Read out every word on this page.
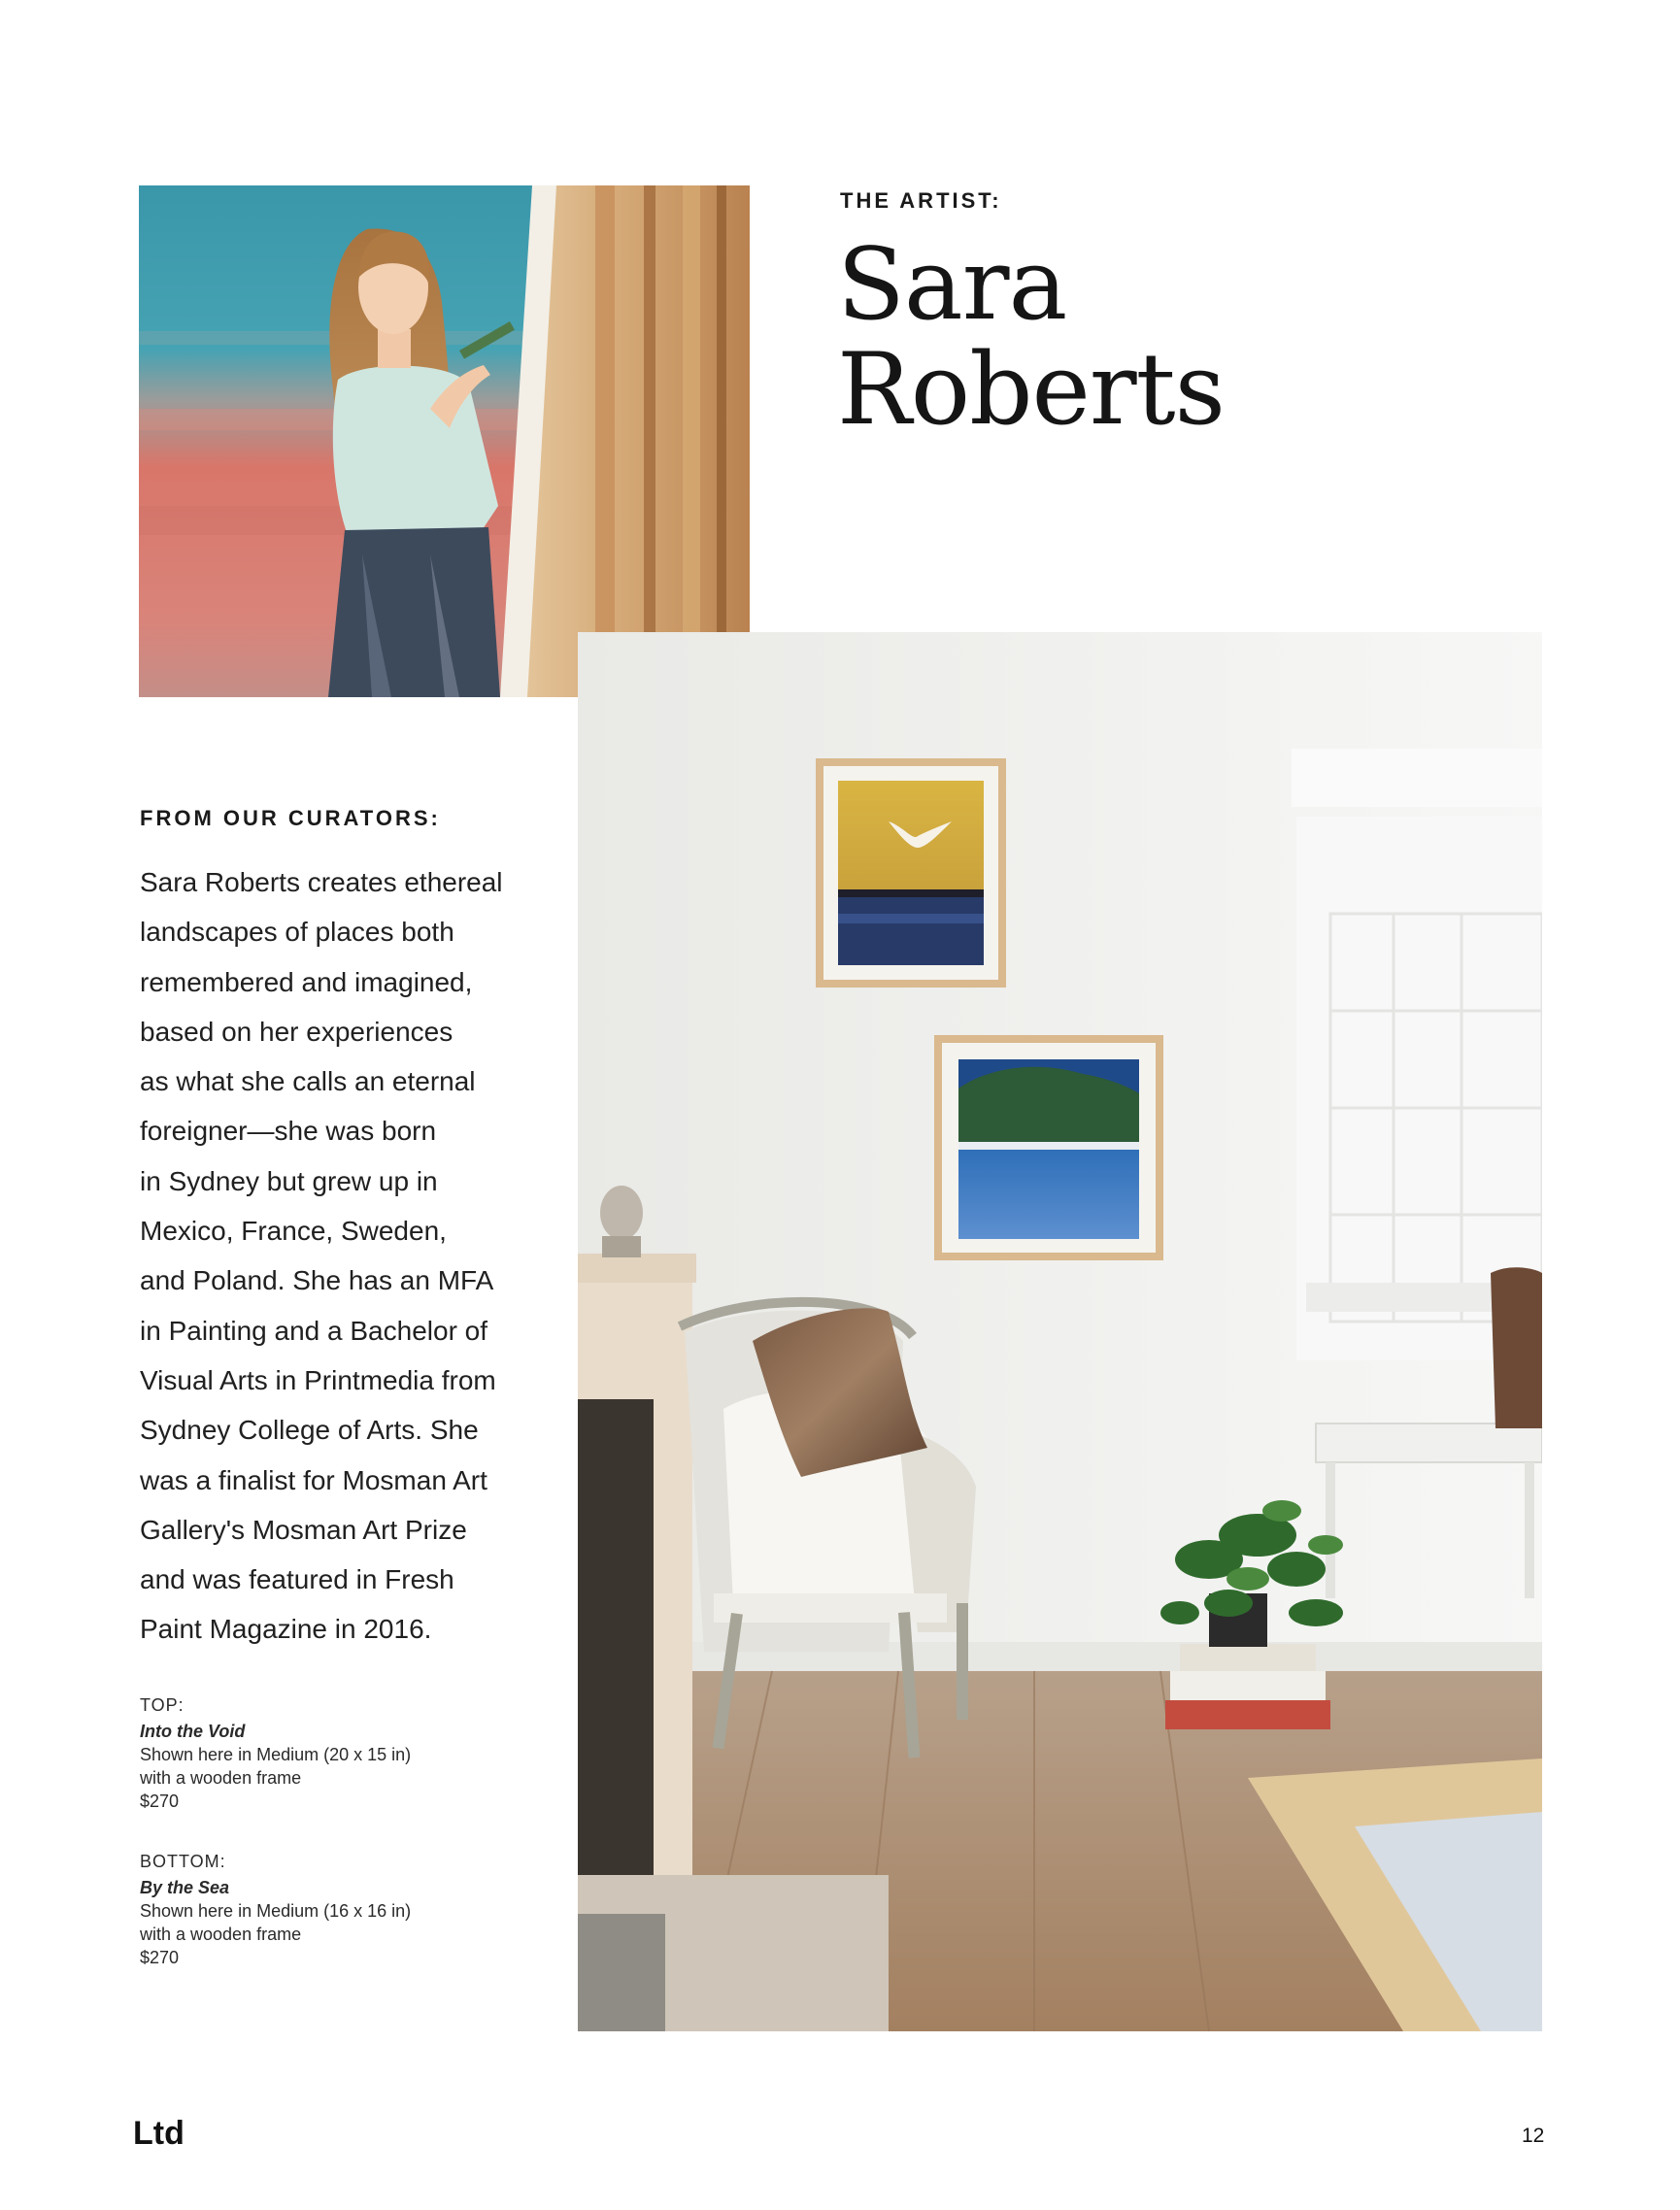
THE ARTIST:
Sara
Roberts
FROM OUR CURATORS:
Sara Roberts creates ethereal
landscapes of places both
remembered and imagined,
based on her experiences
as what she calls an eternal
foreigner—she was born
in Sydney but grew up in
Mexico, France, Sweden,
and Poland. She has an MFA
in Painting and a Bachelor of
Visual Arts in Printmedia from
Sydney College of Arts. She
was a finalist for Mosman Art
Gallery's Mosman Art Prize
and was featured in Fresh
Paint Magazine in 2016.
TOP:
Into the Void
Shown here in Medium (20 x 15 in)
with a wooden frame
$270
BOTTOM:
By the Sea
Shown here in Medium (16 x 16 in)
with a wooden frame
$270
Ltd	12
